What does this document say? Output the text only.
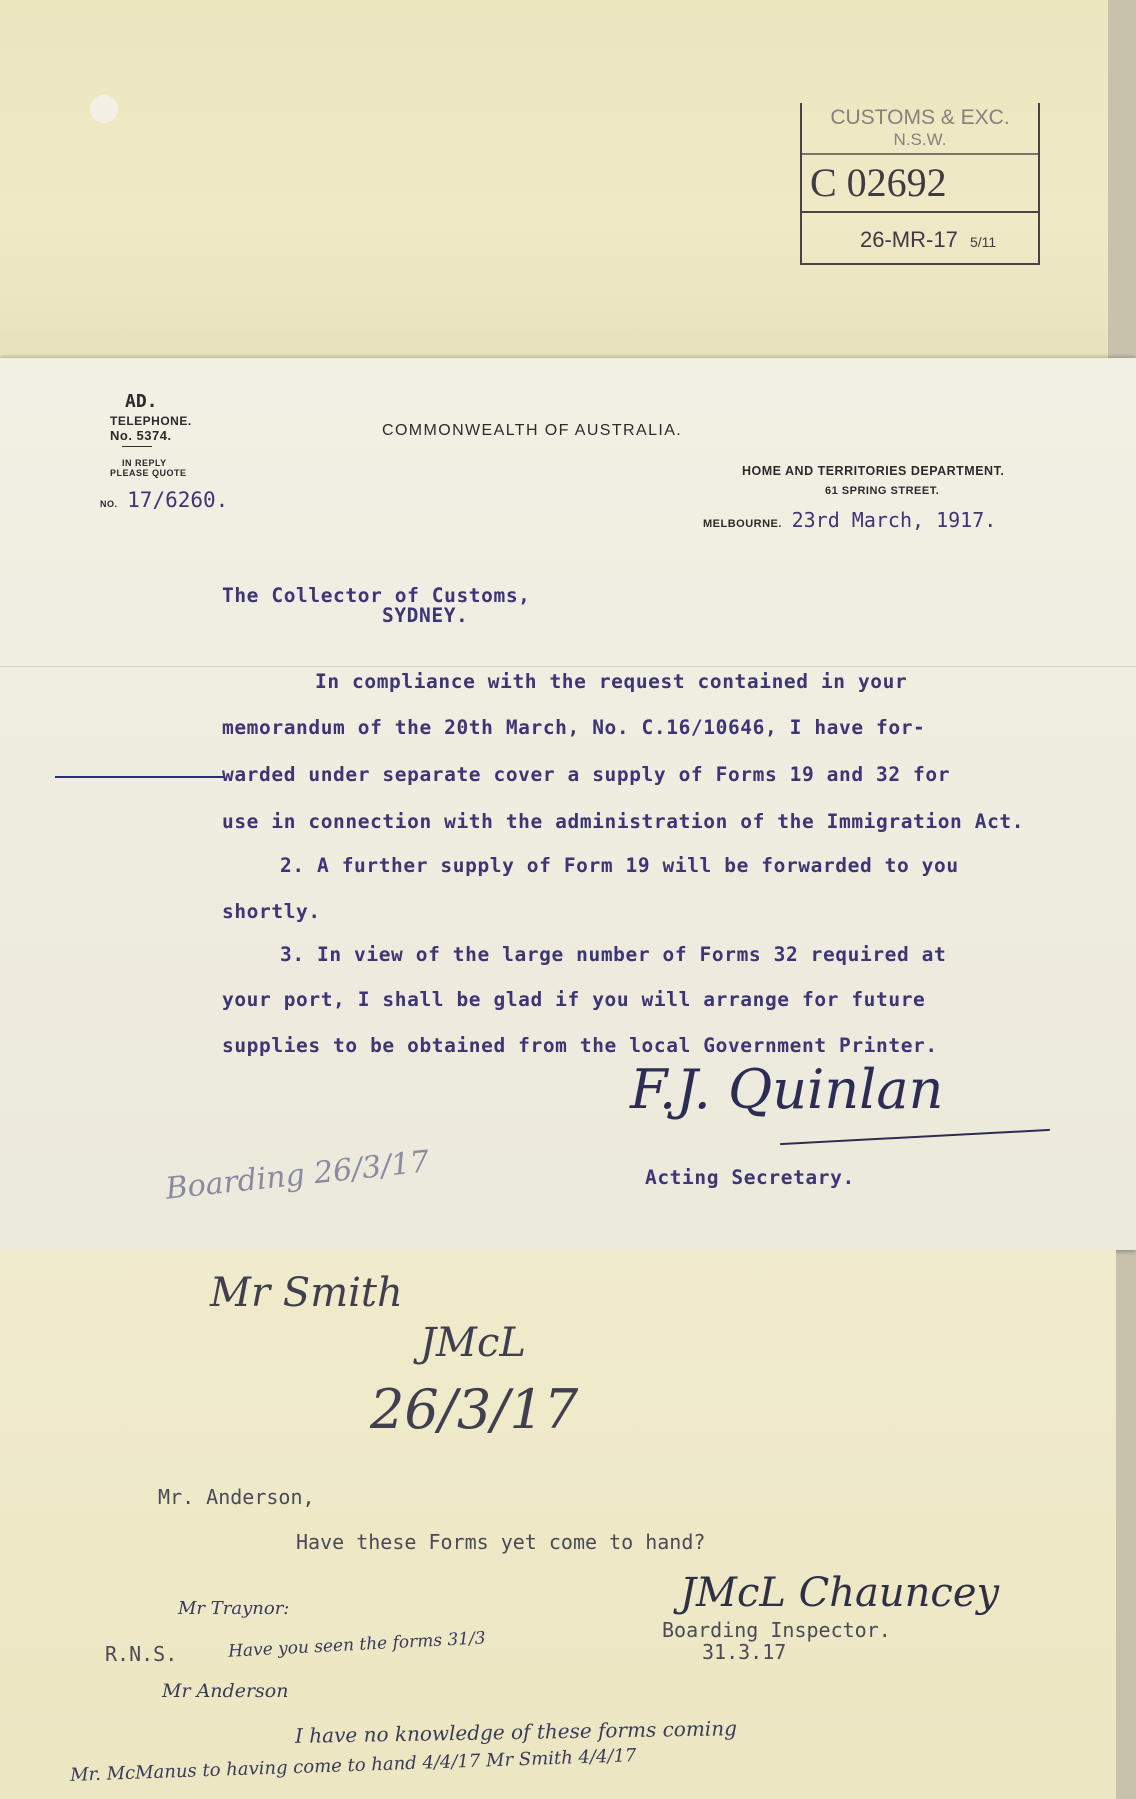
CUSTOMS & EXC.
N.S.W.
C 02692
26-MR-17 5/11
AD.
TELEPHONE.
No. 5374.
IN REPLY
PLEASE QUOTE
NO. 17/6260.
COMMONWEALTH OF AUSTRALIA.
HOME AND TERRITORIES DEPARTMENT.
61 SPRING STREET.
MELBOURNE. 23rd March, 1917.
The Collector of Customs,
SYDNEY.
In compliance with the request contained in your
memorandum of the 20th March, No. C.16/10646, I have for-
warded under separate cover a supply of Forms 19 and 32 for
use in connection with the administration of the Immigration Act.
2. A further supply of Form 19 will be forwarded to you
shortly.
3. In view of the large number of Forms 32 required at
your port, I shall be glad if you will arrange for future
supplies to be obtained from the local Government Printer.
F.J. Quinlan
Acting Secretary.
Boarding 26/3/17
Mr Smith
JMcL
26/3/17
Mr. Anderson,
Have these Forms yet come to hand?
JMcL Chauncey
Boarding Inspector.
31.3.17
R.N.S.
Mr Traynor:
Have you seen the forms 31/3
Mr Anderson
I have no knowledge of these forms coming
Mr. McManus to having come to hand 4/4/17 Mr Smith 4/4/17
